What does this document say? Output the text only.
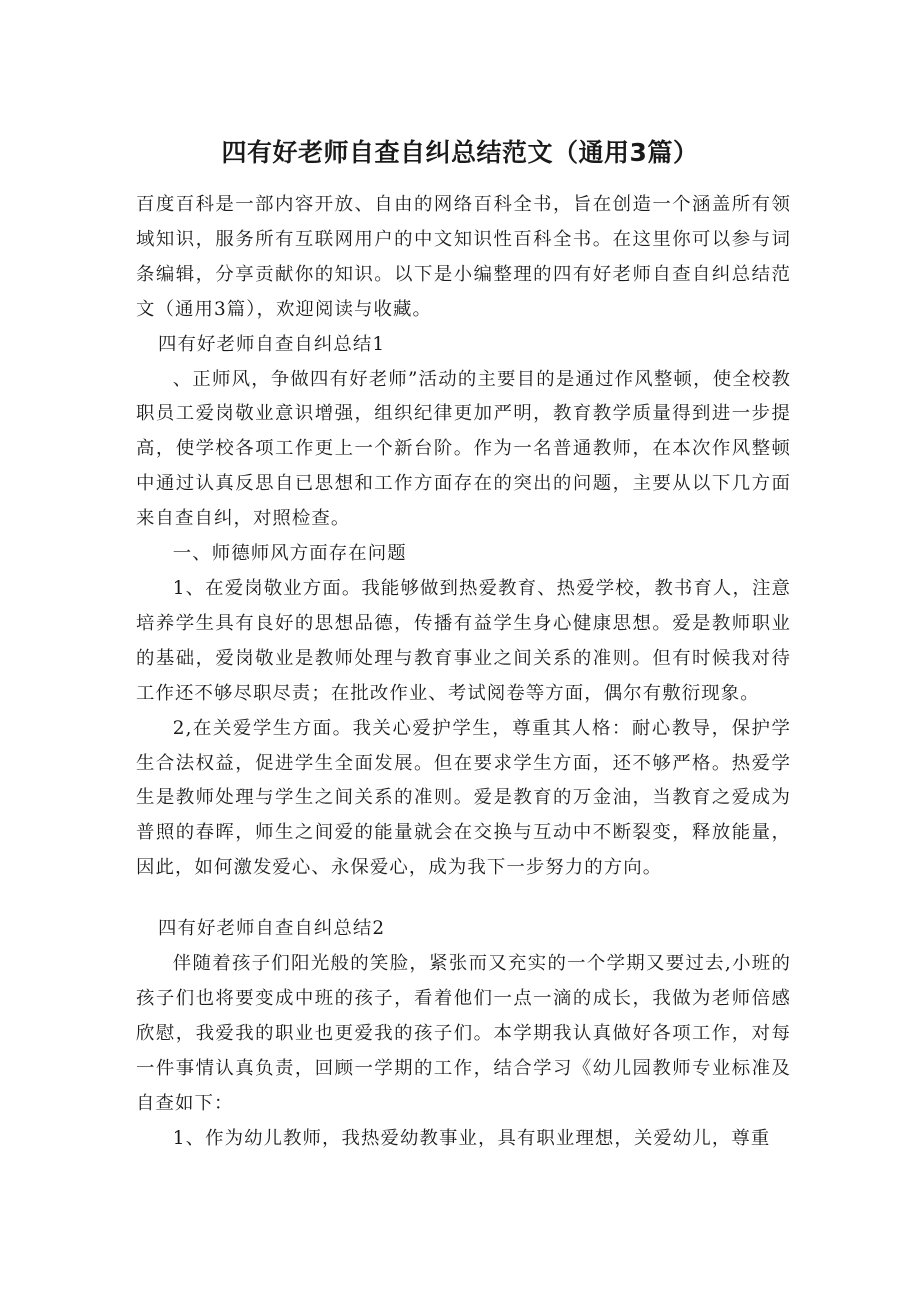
四有好老师自查自纠总结范文（通用3篇）

百度百科是一部内容开放、自由的网络百科全书，旨在创造一个涵盖所有领域知识，服务所有互联网用户的中文知识性百科全书。在这里你可以参与词条编辑，分享贡献你的知识。以下是小编整理的四有好老师自查自纠总结范文（通用3篇），欢迎阅读与收藏。

四有好老师自查自纠总结1

、正师风，争做四有好老师”活动的主要目的是通过作风整顿，使全校教职员工爱岗敬业意识增强，组织纪律更加严明，教育教学质量得到进一步提高，使学校各项工作更上一个新台阶。作为一名普通教师，在本次作风整顿中通过认真反思自已思想和工作方面存在的突出的问题，主要从以下几方面来自查自纠，对照检查。

一、师德师风方面存在问题

1、在爱岗敬业方面。我能够做到热爱教育、热爱学校，教书育人，注意培养学生具有良好的思想品德，传播有益学生身心健康思想。爱是教师职业的基础，爱岗敬业是教师处理与教育事业之间关系的准则。但有时候我对待工作还不够尽职尽责；在批改作业、考试阅卷等方面，偶尔有敷衍现象。

2,在关爱学生方面。我关心爱护学生，尊重其人格：耐心教导，保护学生合法权益，促进学生全面发展。但在要求学生方面，还不够严格。热爱学生是教师处理与学生之间关系的准则。爱是教育的万金油，当教育之爱成为普照的春晖，师生之间爱的能量就会在交换与互动中不断裂变，释放能量，因此，如何激发爱心、永保爱心，成为我下一步努力的方向。

四有好老师自查自纠总结2

伴随着孩子们阳光般的笑脸，紧张而又充实的一个学期又要过去,小班的孩子们也将要变成中班的孩子，看着他们一点一滴的成长，我做为老师倍感欣慰，我爱我的职业也更爱我的孩子们。本学期我认真做好各项工作，对每一件事情认真负责，回顾一学期的工作，结合学习《幼儿园教师专业标准及自查如下：

1、作为幼儿教师，我热爱幼教事业，具有职业理想，关爱幼儿，尊重
